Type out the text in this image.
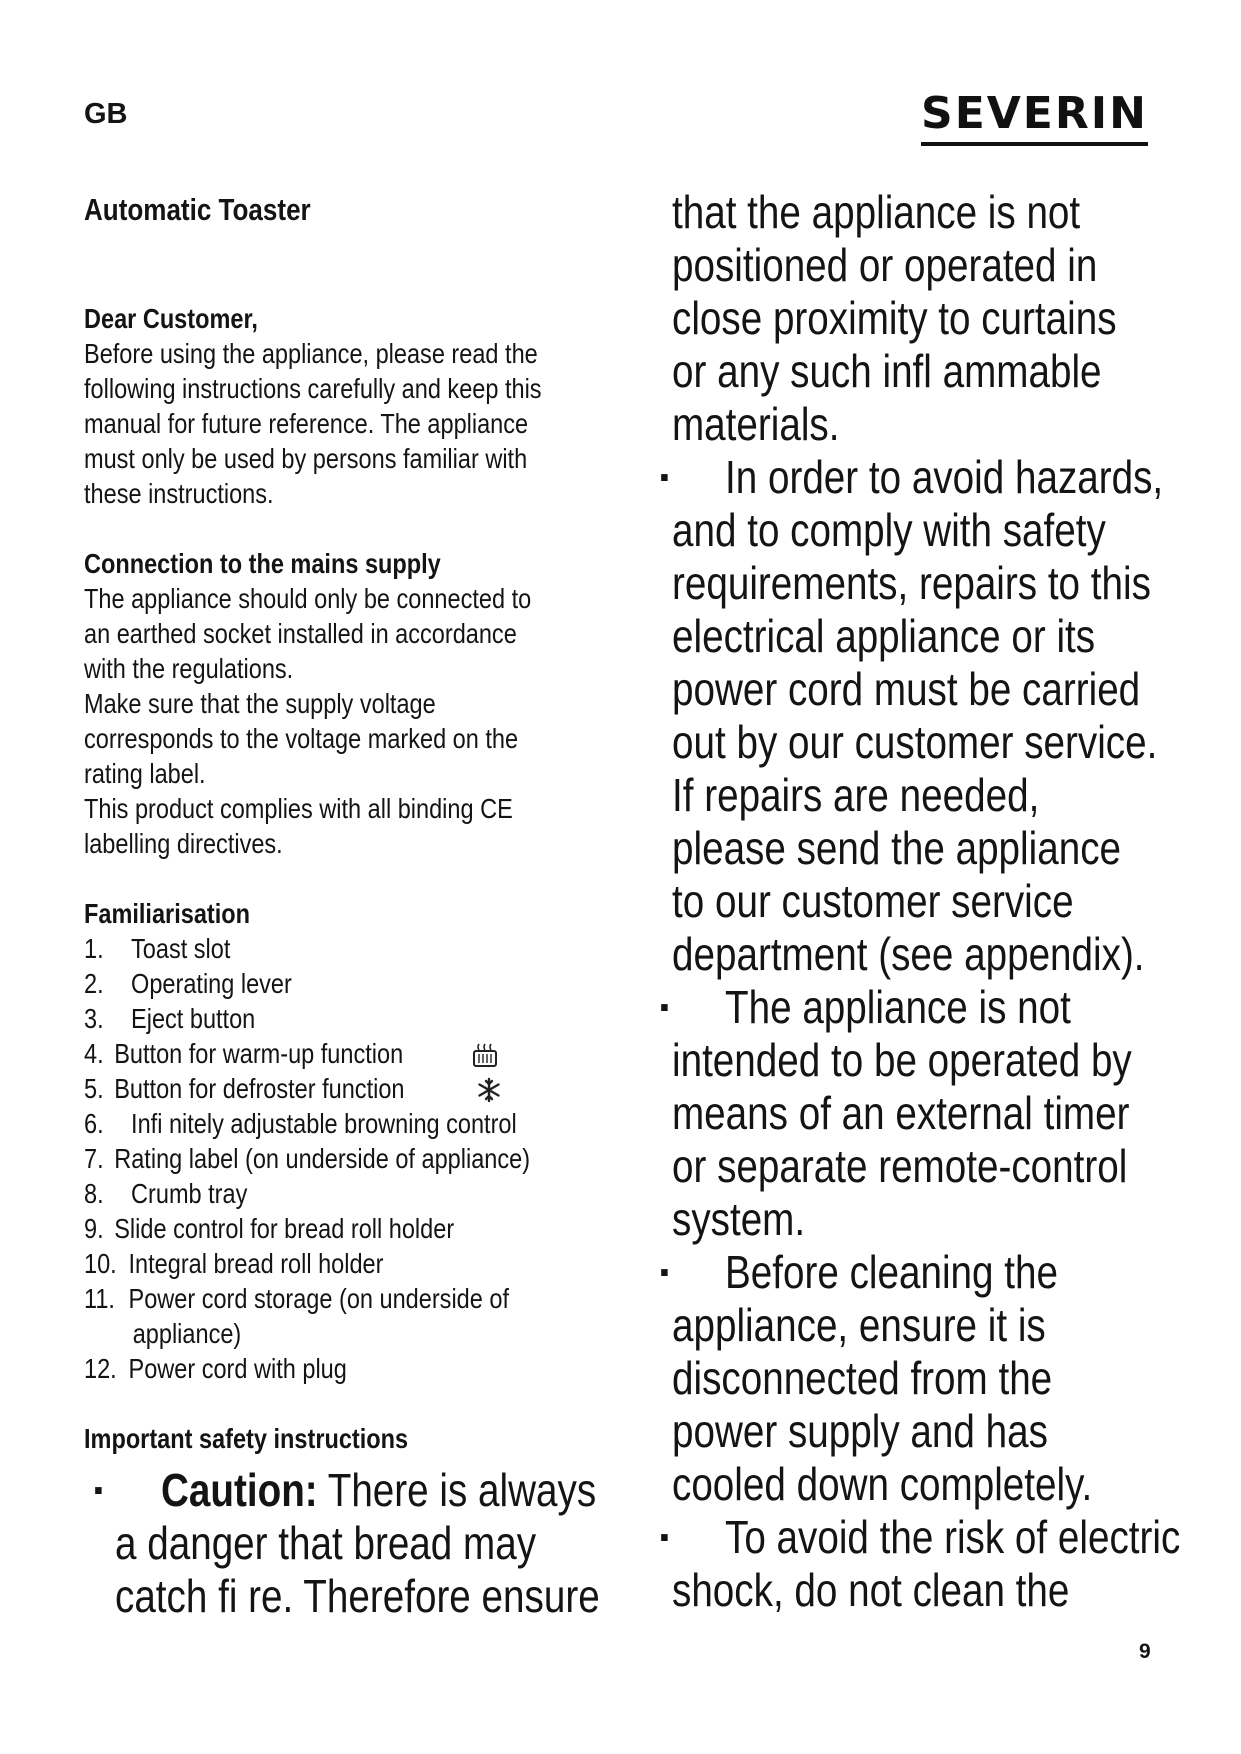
GB	SEVERIN
Automatic Toaster
Dear Customer,
Before using the appliance, please read the
following instructions carefully and keep this
manual for future reference. The appliance
must only be used by persons familiar with
these instructions.
Connection to the mains supply
The appliance should only be connected to
an earthed socket installed in accordance
with the regulations.
Make sure that the supply voltage
corresponds to the voltage marked on the
rating label.
This product complies with all binding CE
labelling directives.
Familiarisation
1. Toast slot
2. Operating lever
3. Eject button
4. Button for warm-up function
5. Button for defroster function
6. Infi nitely adjustable browning control
7. Rating label (on underside of appliance)
8. Crumb tray
9. Slide control for bread roll holder
10. Integral bread roll holder
11. Power cord storage (on underside of
appliance)
12. Power cord with plug
Important safety instructions
·	Caution: There is always
a danger that bread may
catch fi re. Therefore ensure
that the appliance is not
positioned or operated in
close proximity to curtains
or any such infl ammable
materials.
·	In order to avoid hazards,
and to comply with safety
requirements, repairs to this
electrical appliance or its
power cord must be carried
out by our customer service.
If repairs are needed,
please send the appliance
to our customer service
department (see appendix).
·	The appliance is not
intended to be operated by
means of an external timer
or separate remote-control
system.
·	Before cleaning the
appliance, ensure it is
disconnected from the
power supply and has
cooled down completely.
·	To avoid the risk of electric
shock, do not clean the
9
